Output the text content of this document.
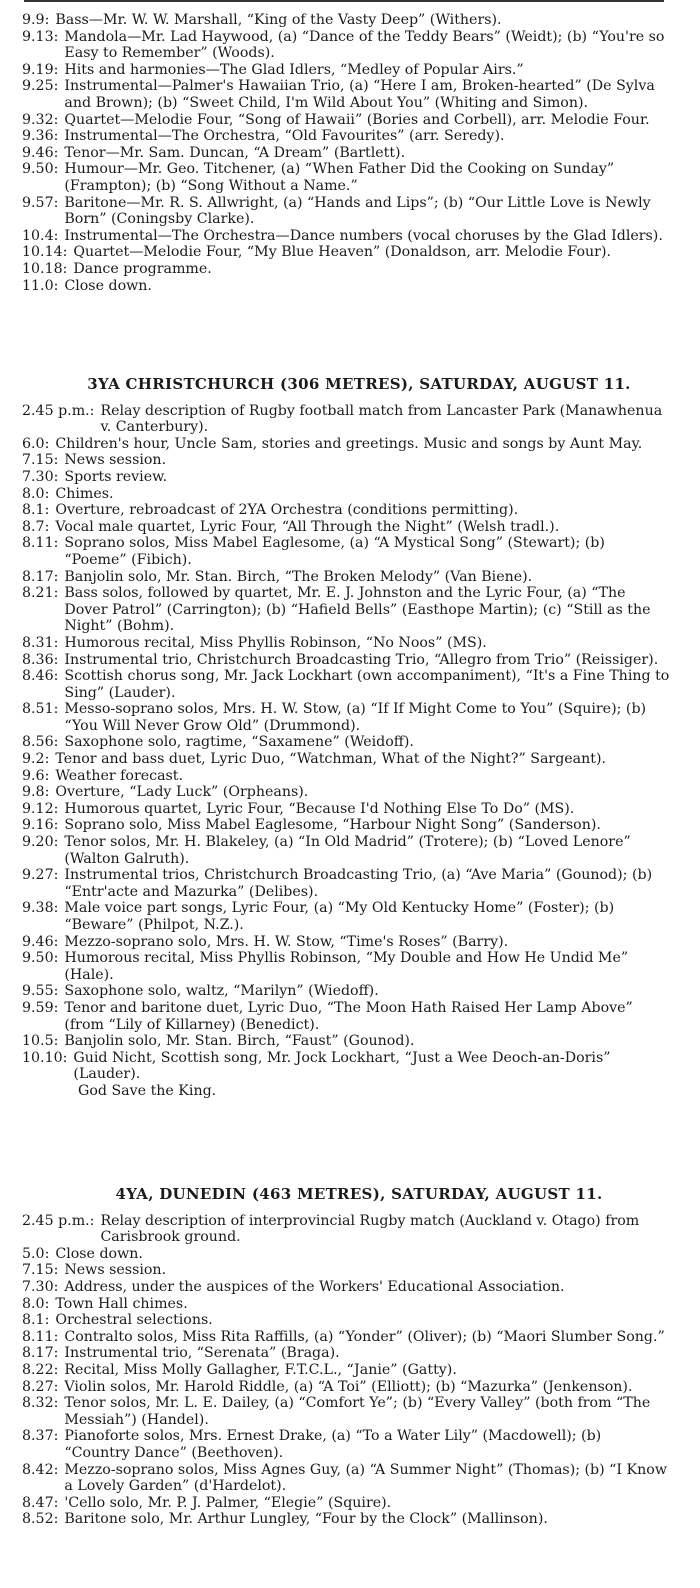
9.9: Bass—Mr. W. W. Marshall, “King of the Vasty Deep” (Withers).
9.13: Mandola—Mr. Lad Haywood, (a) “Dance of the Teddy Bears” (Weidt); (b) “You're so Easy to Remember” (Woods).
9.19: Hits and harmonies—The Glad Idlers, “Medley of Popular Airs.”
9.25: Instrumental—Palmer's Hawaiian Trio, (a) “Here I am, Broken-hearted” (De Sylva and Brown); (b) “Sweet Child, I'm Wild About You” (Whiting and Simon).
9.32: Quartet—Melodie Four, “Song of Hawaii” (Bories and Corbell), arr. Melodie Four.
9.36: Instrumental—The Orchestra, “Old Favourites” (arr. Seredy).
9.46: Tenor—Mr. Sam. Duncan, “A Dream” (Bartlett).
9.50: Humour—Mr. Geo. Titchener, (a) “When Father Did the Cooking on Sunday” (Frampton); (b) “Song Without a Name.”
9.57: Baritone—Mr. R. S. Allwright, (a) “Hands and Lips”; (b) “Our Little Love is Newly Born” (Coningsby Clarke).
10.4: Instrumental—The Orchestra—Dance numbers (vocal choruses by the Glad Idlers).
10.14: Quartet—Melodie Four, “My Blue Heaven” (Donaldson, arr. Melodie Four).
10.18: Dance programme.
11.0: Close down.
3YA CHRISTCHURCH (306 METRES), SATURDAY, AUGUST 11.
2.45 p.m.: Relay description of Rugby football match from Lancaster Park (Manawhenua v. Canterbury).
6.0: Children's hour, Uncle Sam, stories and greetings. Music and songs by Aunt May.
7.15: News session.
7.30: Sports review.
8.0: Chimes.
8.1: Overture, rebroadcast of 2YA Orchestra (conditions permitting).
8.7: Vocal male quartet, Lyric Four, “All Through the Night” (Welsh tradl.).
8.11: Soprano solos, Miss Mabel Eaglesome, (a) “A Mystical Song” (Stewart); (b) “Poeme” (Fibich).
8.17: Banjolin solo, Mr. Stan. Birch, “The Broken Melody” (Van Biene).
8.21: Bass solos, followed by quartet, Mr. E. J. Johnston and the Lyric Four, (a) “The Dover Patrol” (Carrington); (b) “Hafield Bells” (Easthope Martin); (c) “Still as the Night” (Bohm).
8.31: Humorous recital, Miss Phyllis Robinson, “No Noos” (MS).
8.36: Instrumental trio, Christchurch Broadcasting Trio, “Allegro from Trio” (Reissiger).
8.46: Scottish chorus song, Mr. Jack Lockhart (own accompaniment), “It's a Fine Thing to Sing” (Lauder).
8.51: Messo-soprano solos, Mrs. H. W. Stow, (a) “If If Might Come to You” (Squire); (b) “You Will Never Grow Old” (Drummond).
8.56: Saxophone solo, ragtime, “Saxamene” (Weidoff).
9.2: Tenor and bass duet, Lyric Duo, “Watchman, What of the Night?” Sargeant).
9.6: Weather forecast.
9.8: Overture, “Lady Luck” (Orpheans).
9.12: Humorous quartet, Lyric Four, “Because I'd Nothing Else To Do” (MS).
9.16: Soprano solo, Miss Mabel Eaglesome, “Harbour Night Song” (Sanderson).
9.20: Tenor solos, Mr. H. Blakeley, (a) “In Old Madrid” (Trotere); (b) “Loved Lenore” (Walton Galruth).
9.27: Instrumental trios, Christchurch Broadcasting Trio, (a) “Ave Maria” (Gounod); (b) “Entr'acte and Mazurka” (Delibes).
9.38: Male voice part songs, Lyric Four, (a) “My Old Kentucky Home” (Foster); (b) “Beware” (Philpot, N.Z.).
9.46: Mezzo-soprano solo, Mrs. H. W. Stow, “Time's Roses” (Barry).
9.50: Humorous recital, Miss Phyllis Robinson, “My Double and How He Undid Me” (Hale).
9.55: Saxophone solo, waltz, “Marilyn” (Wiedoff).
9.59: Tenor and baritone duet, Lyric Duo, “The Moon Hath Raised Her Lamp Above” (from “Lily of Killarney) (Benedict).
10.5: Banjolin solo, Mr. Stan. Birch, “Faust” (Gounod).
10.10: Guid Nicht, Scottish song, Mr. Jock Lockhart, “Just a Wee Deoch-an-Doris” (Lauder).
God Save the King.
4YA, DUNEDIN (463 METRES), SATURDAY, AUGUST 11.
2.45 p.m.: Relay description of interprovincial Rugby match (Auckland v. Otago) from Carisbrook ground.
5.0: Close down.
7.15: News session.
7.30: Address, under the auspices of the Workers' Educational Association.
8.0: Town Hall chimes.
8.1: Orchestral selections.
8.11: Contralto solos, Miss Rita Raffills, (a) “Yonder” (Oliver); (b) “Maori Slumber Song.”
8.17: Instrumental trio, “Serenata” (Braga).
8.22: Recital, Miss Molly Gallagher, F.T.C.L., “Janie” (Gatty).
8.27: Violin solos, Mr. Harold Riddle, (a) “A Toi” (Elliott); (b) “Mazurka” (Jenkenson).
8.32: Tenor solos, Mr. L. E. Dailey, (a) “Comfort Ye”; (b) “Every Valley” (both from “The Messiah”) (Handel).
8.37: Pianoforte solos, Mrs. Ernest Drake, (a) “To a Water Lily” (Macdowell); (b) “Country Dance” (Beethoven).
8.42: Mezzo-soprano solos, Miss Agnes Guy, (a) “A Summer Night” (Thomas); (b) “I Know a Lovely Garden” (d'Hardelot).
8.47: 'Cello solo, Mr. P. J. Palmer, “Elegie” (Squire).
8.52: Baritone solo, Mr. Arthur Lungley, “Four by the Clock” (Mallinson).
